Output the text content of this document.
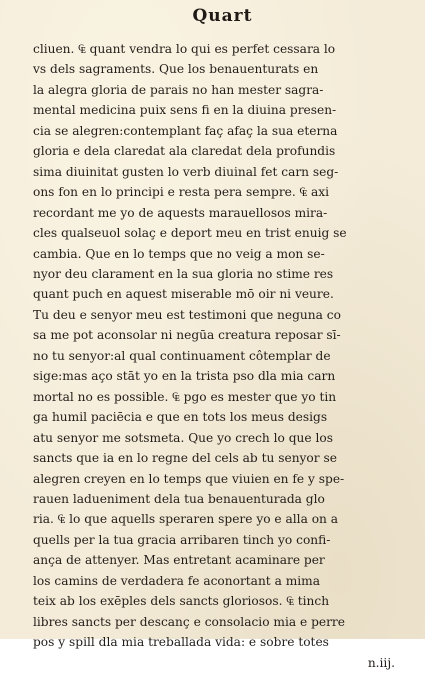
Quart
cliuen. ₠ quant vendra lo qui es perfet cessara lo
vs dels sagraments. Que los benauenturats en
la alegra gloria de parais no han mester sagra-
mental medicina puix sens fi en la diuina presen-
cia se alegren:contemplant faç afaç la sua eterna
gloria e dela claredat ala claredat dela profundis
sima diuinitat gusten lo verb diuinal fet carn seg-
ons fon en lo principi e resta pera sempre. ₠ axi
recordant me yo de aquests marauellosos mira-
cles qualseuol solaç e deport meu en trist enuig se
cambia. Que en lo temps que no veig a mon se-
nyor deu clarament en la sua gloria no stime res
quant puch en aquest miserable mō oir ni veure.
Tu deu e senyor meu est testimoni que neguna co
sa me pot aconsolar ni negūa creatura reposar sī-
no tu senyor:al qual continuament côtemplar de
sige:mas aço stāt yo en la trista pso dla mia carn
mortal no es possible. ₠ pgo es mester que yo tin
ga humil paciēcia e que en tots los meus desigs
atu senyor me sotsmeta. Que yo crech lo que los
sancts que ia en lo regne del cels ab tu senyor se
alegren creyen en lo temps que viuien en fe y spe-
rauen ladueniment dela tua benauenturada glo
ria. ₠ lo que aquells speraren spere yo e alla on a
quells per la tua gracia arribaren tinch yo confi-
ança de attenyer. Mas entretant acaminare per
los camins de verdadera fe aconortant a mima
teix ab los exēples dels sancts gloriosos. ₠ tinch
libres sancts per descanç e consolacio mia e perre
pos y spill dla mia treballada vida: e sobre totes
n.iij.
